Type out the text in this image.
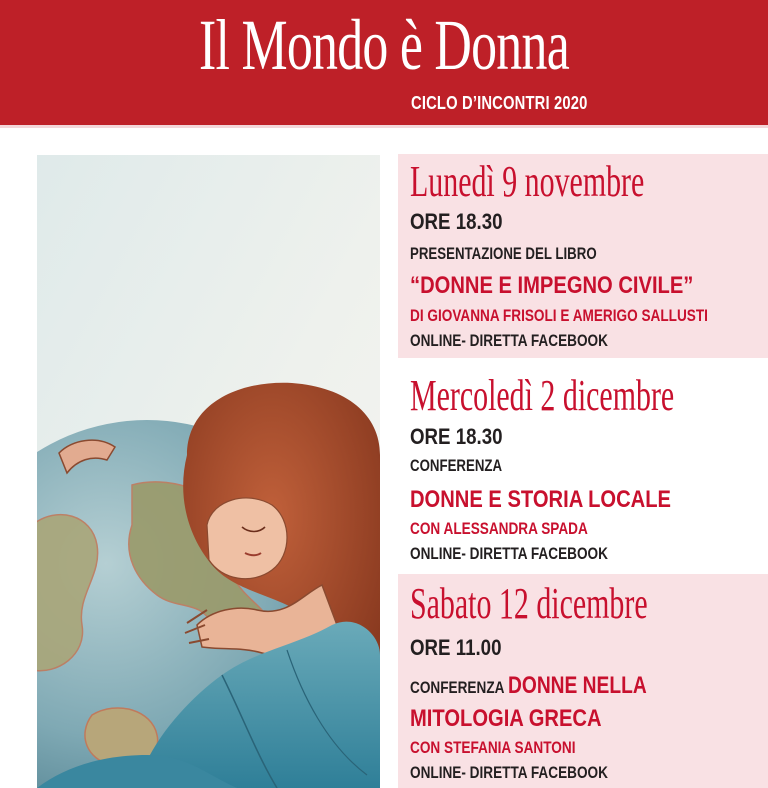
Il Mondo è Donna
CICLO D’INCONTRI 2020
Lunedì 9 novembre
ORE 18.30
PRESENTAZIONE DEL LIBRO
“DONNE E IMPEGNO CIVILE”
DI GIOVANNA FRISOLI E AMERIGO SALLUSTI
ONLINE- DIRETTA FACEBOOK
Mercoledì 2 dicembre
ORE 18.30
CONFERENZA
DONNE E STORIA LOCALE
CON ALESSANDRA SPADA
ONLINE- DIRETTA FACEBOOK
Sabato 12 dicembre
ORE 11.00
CONFERENZA DONNE NELLA
MITOLOGIA GRECA
CON STEFANIA SANTONI
ONLINE- DIRETTA FACEBOOK
